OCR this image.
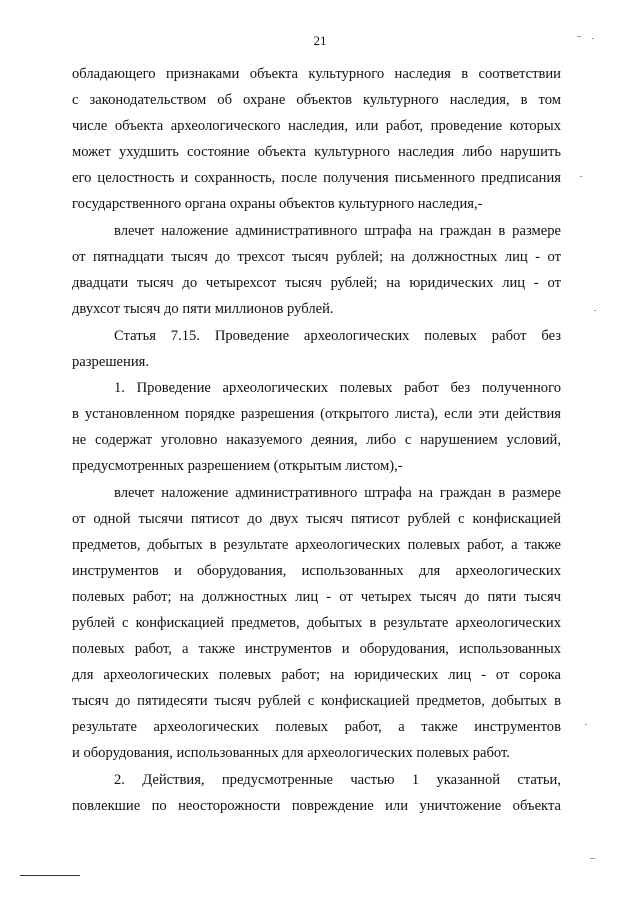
21
обладающего признаками объекта культурного наследия в соответствии
с законодательством об охране объектов культурного наследия, в том
числе объекта археологического наследия, или работ, проведение которых
может ухудшить состояние объекта культурного наследия либо нарушить
его целостность и сохранность, после получения письменного предписания
государственного органа охраны объектов культурного наследия,-
влечет наложение административного штрафа на граждан в размере
от пятнадцати тысяч до трехсот тысяч рублей; на должностных лиц - от
двадцати тысяч до четырехсот тысяч рублей; на юридических лиц - от
двухсот тысяч до пяти миллионов рублей.
Статья 7.15. Проведение археологических полевых работ без
разрешения.
1. Проведение археологических полевых работ без полученного
в установленном порядке разрешения (открытого листа), если эти действия
не содержат уголовно наказуемого деяния, либо с нарушением условий,
предусмотренных разрешением (открытым листом),-
влечет наложение административного штрафа на граждан в размере
от одной тысячи пятисот до двух тысяч пятисот рублей с конфискацией
предметов, добытых в результате археологических полевых работ, а также
инструментов и оборудования, использованных для археологических
полевых работ; на должностных лиц - от четырех тысяч до пяти тысяч
рублей с конфискацией предметов, добытых в результате археологических
полевых работ, а также инструментов и оборудования, использованных
для археологических полевых работ; на юридических лиц - от сорока
тысяч до пятидесяти тысяч рублей с конфискацией предметов, добытых в
результате археологических полевых работ, а также инструментов
и оборудования, использованных для археологических полевых работ.
2. Действия, предусмотренные частью 1 указанной статьи,
повлекшие по неосторожности повреждение или уничтожение объекта
